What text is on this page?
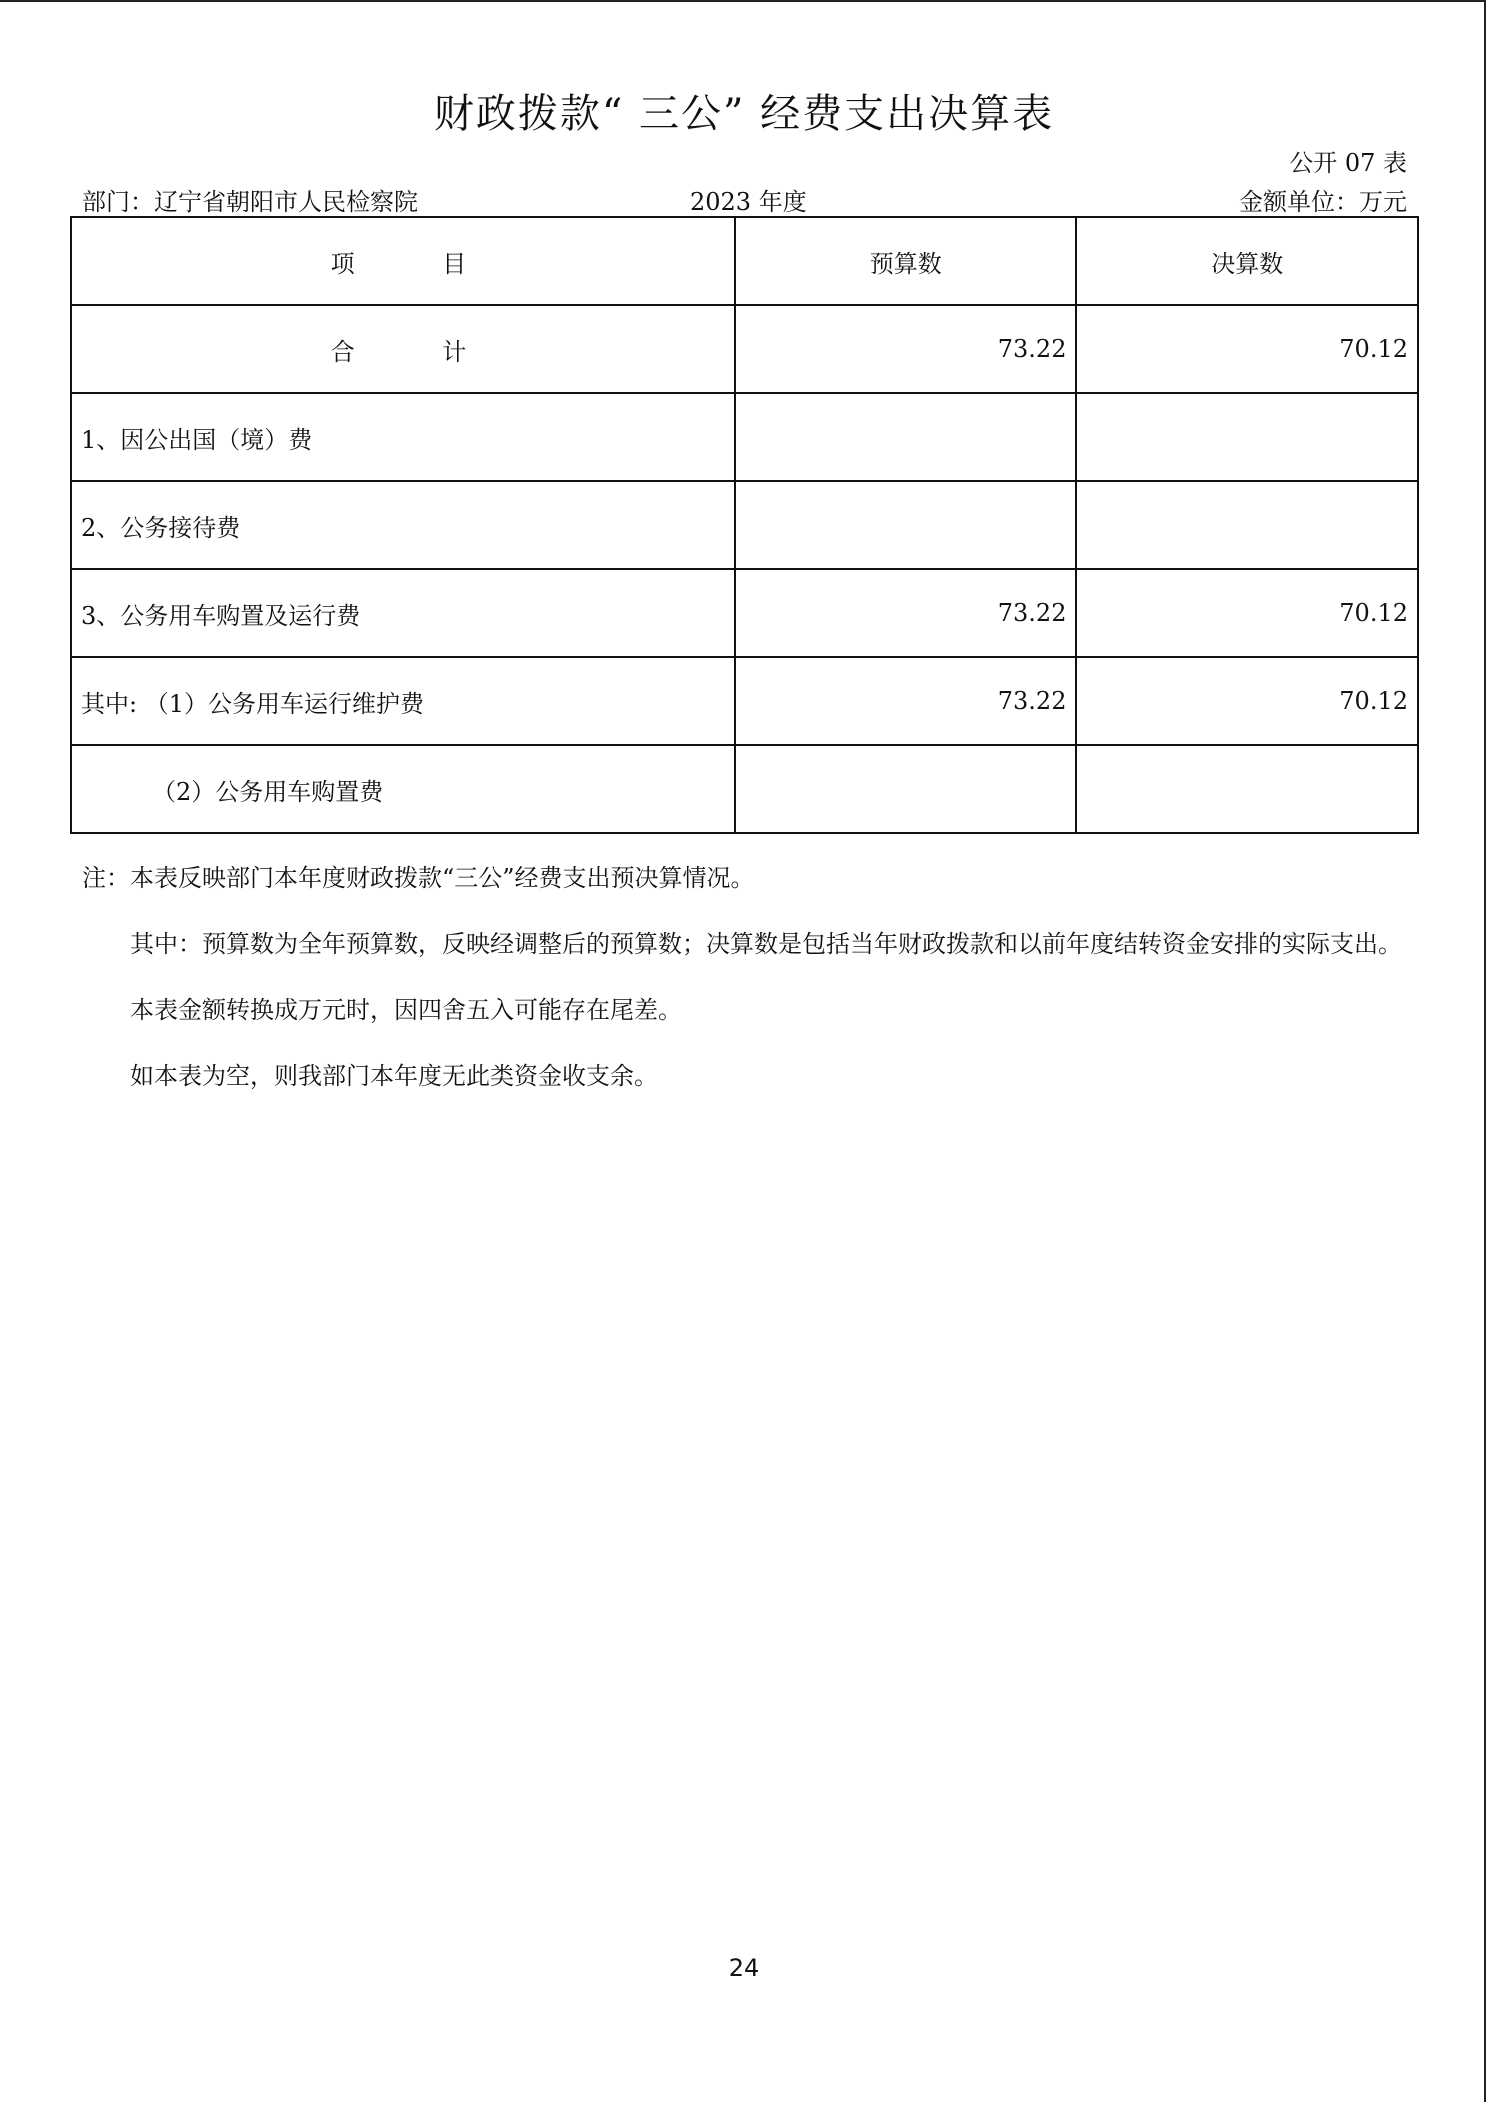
财政拨款“ 三公” 经费支出决算表
公开 07 表
部门：辽宁省朝阳市人民检察院	2023 年度	金额单位：万元
项 目	预算数	决算数
合 计	73.22	70.12
1、因公出国（境）费		
2、公务接待费		
3、公务用车购置及运行费	73.22	70.12
其中: （1）公务用车运行维护费	73.22	70.12
（2）公务用车购置费		

注：本表反映部门本年度财政拨款“三公”经费支出预决算情况。

其中：预算数为全年预算数，反映经调整后的预算数；决算数是包括当年财政拨款和以前年度结转资金安排的实际支出。

本表金额转换成万元时，因四舍五入可能存在尾差。

如本表为空，则我部门本年度无此类资金收支余。

24
